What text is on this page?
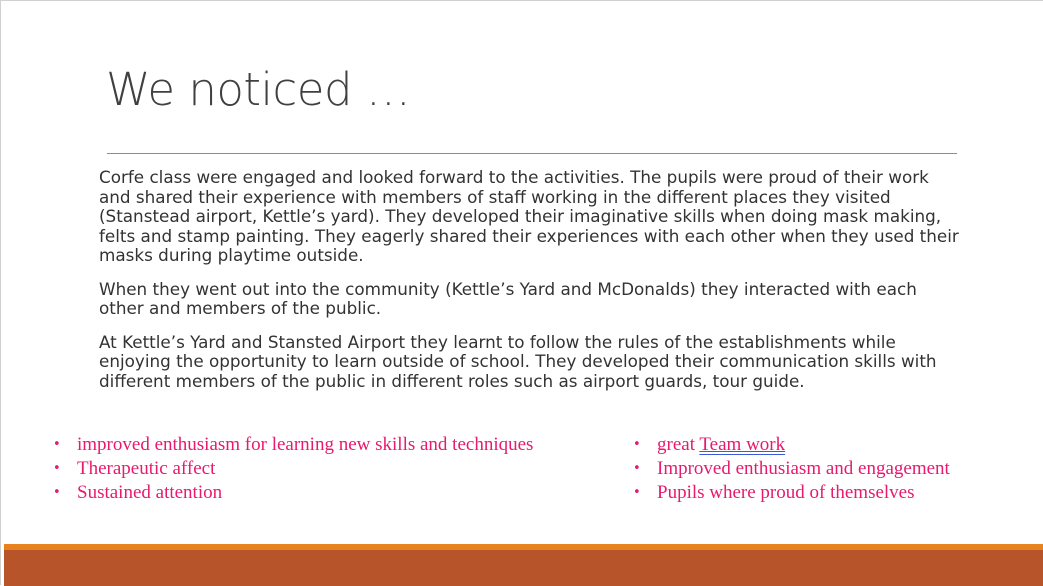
We noticed …

Corfe class were engaged and looked forward to the activities. The pupils were proud of their work and shared their experience with members of staff working in the different places they visited (Stanstead airport, Kettle’s yard). They developed their imaginative skills when doing mask making, felts and stamp painting. They eagerly shared their experiences with each other when they used their masks during playtime outside.

When they went out into the community (Kettle’s Yard and McDonalds) they interacted with each other and members of the public.

At Kettle’s Yard and Stansted Airport they learnt to follow the rules of the establishments while enjoying the opportunity to learn outside of school. They developed their communication skills with different members of the public in different roles such as airport guards, tour guide.

• improved enthusiasm for learning new skills and techniques
• Therapeutic affect
• Sustained attention
• great Team work
• Improved enthusiasm and engagement
• Pupils where proud of themselves
